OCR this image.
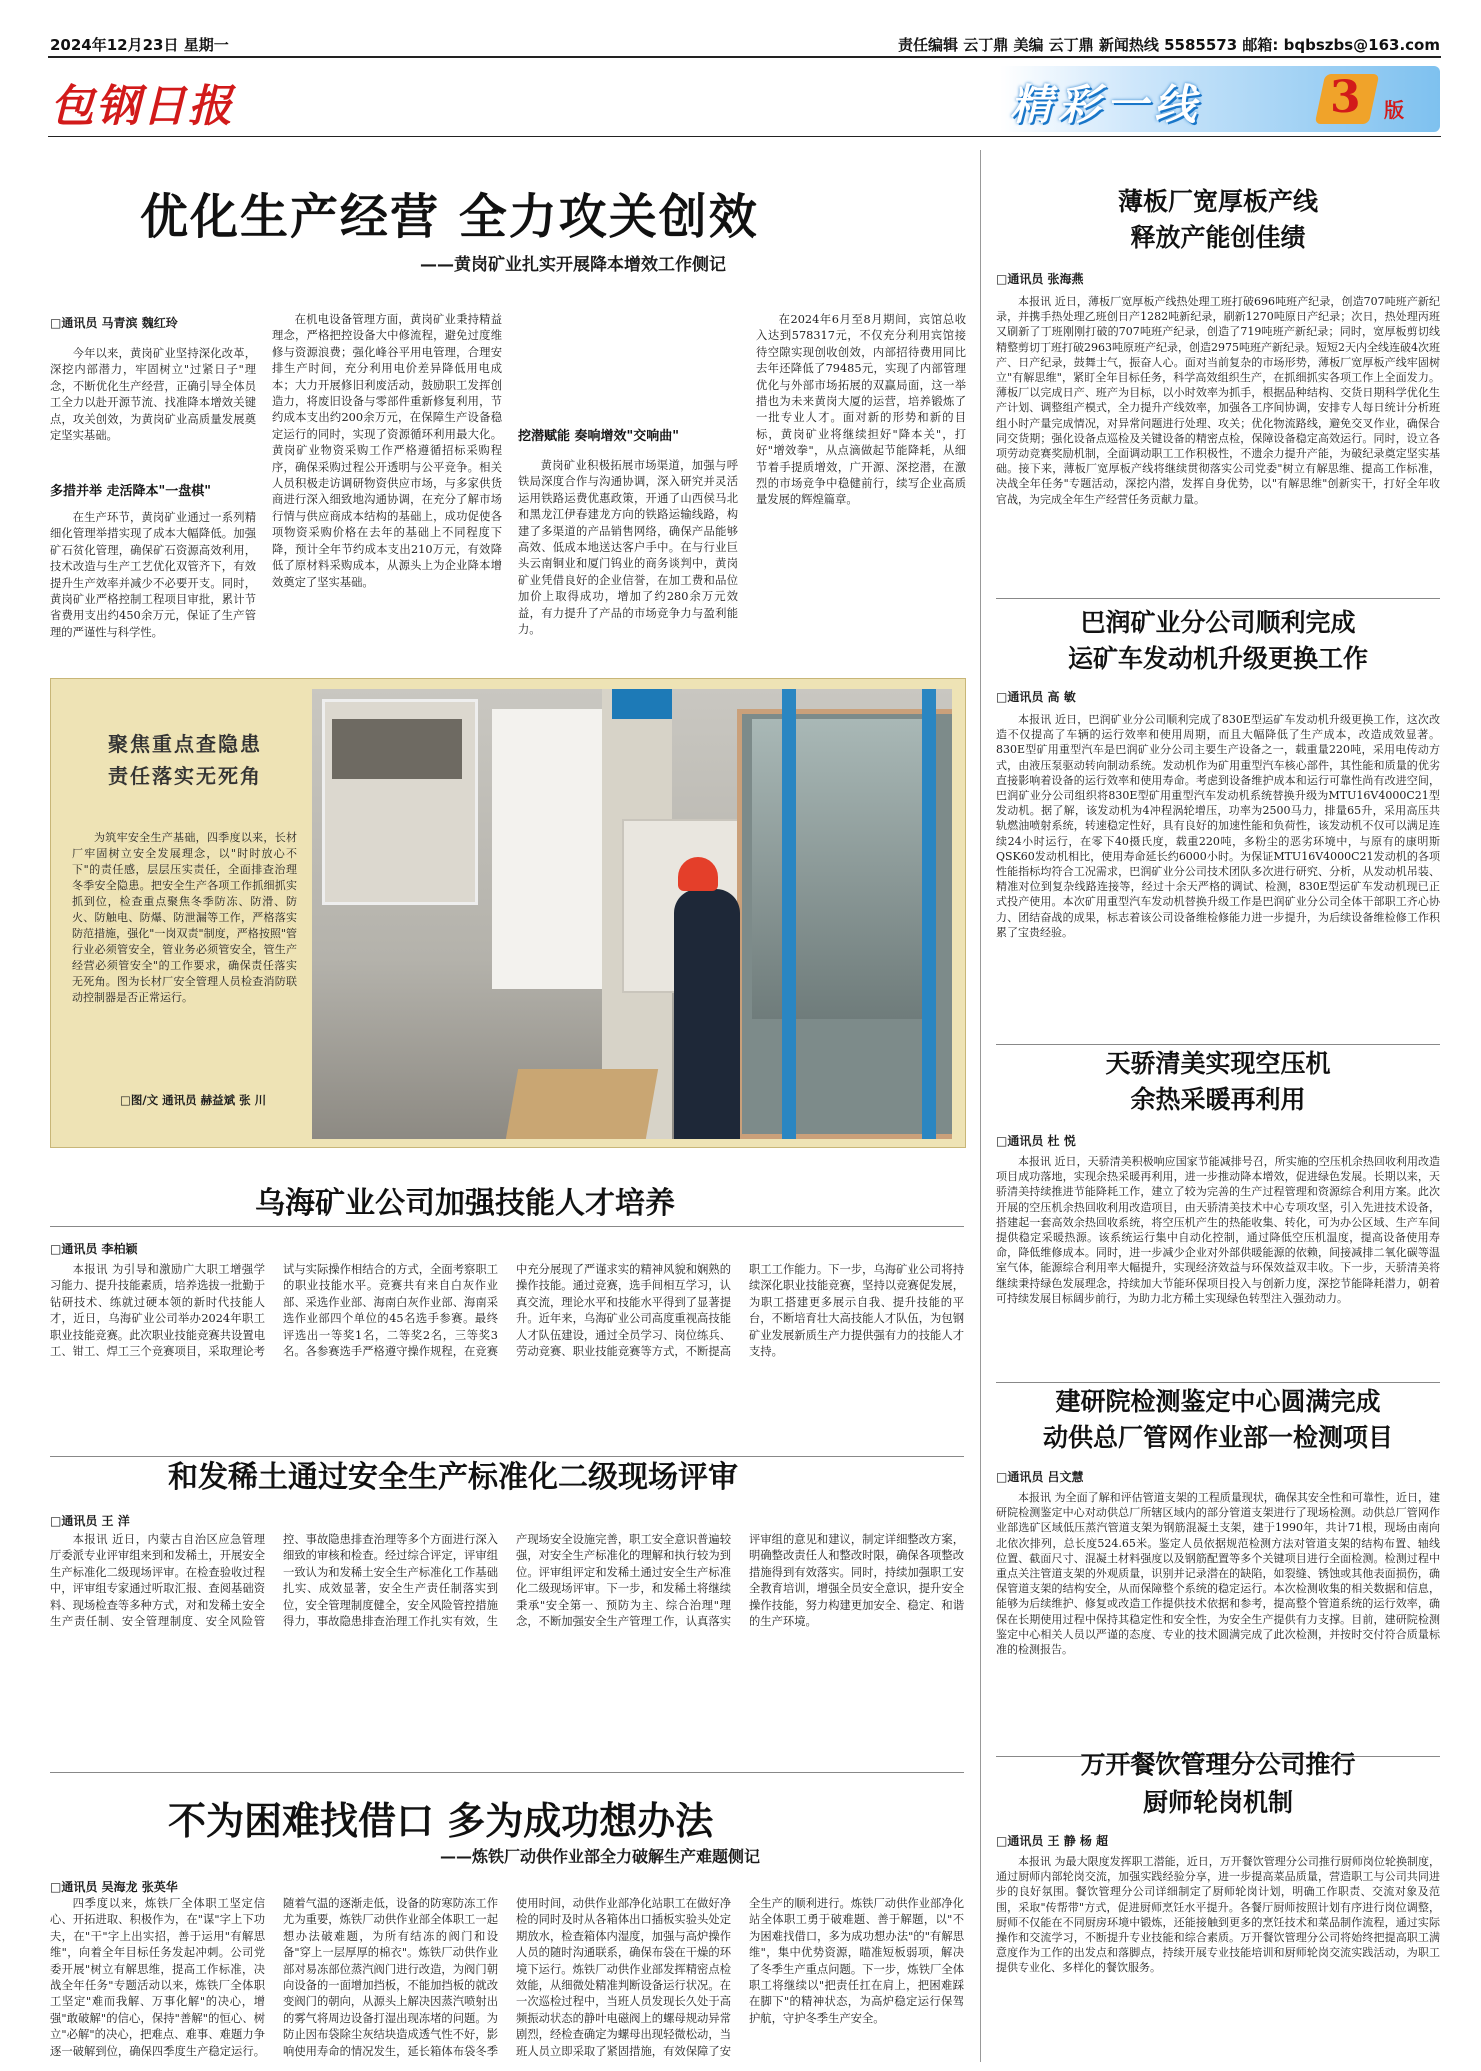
2024年12月23日 星期一	责任编辑 云丁鼎 美编 云丁鼎 新闻热线 5585573 邮箱: bqbszbs@163.com
包钢日报	精彩一线	3 版
优化生产经营 全力攻关创效
——黄岗矿业扎实开展降本增效工作侧记
□通讯员 马青滨 魏红玲

今年以来，黄岗矿业坚持深化改革，深挖内部潜力，牢固树立"过紧日子"理念，不断优化生产经营，正确引导全体员工全力以赴开源节流、找准降本增效关键点，攻关创效，为黄岗矿业高质量发展奠定坚实基础。

多措并举 走活降本"一盘棋"

在生产环节，黄岗矿业通过一系列精细化管理举措实现了成本大幅降低。加强矿石贫化管理，确保矿石资源高效利用，技术改造与生产工艺优化双管齐下，有效提升生产效率并减少不必要开支。同时，黄岗矿业严格控制工程项目审批，累计节省费用支出约450余万元，保证了生产管理的严谨性与科学性。

在机电设备管理方面，黄岗矿业秉持精益理念，严格把控设备大中修流程，避免过度维修与资源浪费；强化峰谷平用电管理，合理安排生产时间，充分利用电价差异降低用电成本；大力开展修旧利废活动，鼓励职工发挥创造力，将废旧设备与零部件重新修复利用，节约成本支出约200余万元，在保障生产设备稳定运行的同时，实现了资源循环利用最大化。黄岗矿业物资采购工作严格遵循招标采购程序，确保采购过程公开透明与公平竞争。相关人员积极走访调研物资供应市场，与多家供货商进行深入细致地沟通协调，在充分了解市场行情与供应商成本结构的基础上，成功促使各项物资采购价格在去年的基础上不同程度下降，预计全年节约成本支出210万元，有效降低了原材料采购成本，从源头上为企业降本增效奠定了坚实基础。

挖潜赋能 奏响增效"交响曲"

黄岗矿业积极拓展市场渠道，加强与呼铁局深度合作与沟通协调，深入研究并灵活运用铁路运费优惠政策，开通了山西侯马北和黑龙江伊春建龙方向的铁路运输线路，构建了多渠道的产品销售网络，确保产品能够高效、低成本地送达客户手中。在与行业巨头云南铜业和厦门钨业的商务谈判中，黄岗矿业凭借良好的企业信誉，在加工费和品位加价上取得成功，增加了约280余万元效益，有力提升了产品的市场竞争力与盈利能力。

在2024年6月至8月期间，宾馆总收入达到578317元，不仅充分利用宾馆接待空隙实现创收创效，内部招待费用同比去年还降低了79485元，实现了内部管理优化与外部市场拓展的双赢局面，这一举措也为未来黄岗大厦的运营，培养锻炼了一批专业人才。面对新的形势和新的目标，黄岗矿业将继续担好"降本关"，打好"增效拳"，从点滴做起节能降耗，从细节着手提质增效，广开源、深挖潜，在激烈的市场竞争中稳健前行，续写企业高质量发展的辉煌篇章。

聚焦重点查隐患
责任落实无死角

为筑牢安全生产基础，四季度以来，长材厂牢固树立安全发展理念，以"时时放心不下"的责任感，层层压实责任，全面排查治理冬季安全隐患。把安全生产各项工作抓细抓实抓到位，检查重点聚焦冬季防冻、防滑、防火、防触电、防爆、防泄漏等工作，严格落实防范措施，强化"一岗双责"制度，严格按照"管行业必须管安全，管业务必须管安全，管生产经营必须管安全"的工作要求，确保责任落实无死角。图为长材厂安全管理人员检查消防联动控制器是否正常运行。

□图/文 通讯员 赫益斌 张 川
乌海矿业公司加强技能人才培养
□通讯员 李柏颖

本报讯 为引导和激励广大职工增强学习能力、提升技能素质，培养选拔一批勤于钻研技术、练就过硬本领的新时代技能人才，近日，乌海矿业公司举办2024年职工职业技能竞赛。此次职业技能竞赛共设置电工、钳工、焊工三个竞赛项目，采取理论考试与实际操作相结合的方式，全面考察职工的职业技能水平。竞赛共有来自白灰作业部、采选作业部、海南白灰作业部、海南采选作业部四个单位的45名选手参赛。最终评选出一等奖1名，二等奖2名，三等奖3名。各参赛选手严格遵守操作规程，在竞赛中充分展现了严谨求实的精神风貌和娴熟的操作技能。通过竞赛，选手间相互学习，认真交流，理论水平和技能水平得到了显著提升。近年来，乌海矿业公司高度重视高技能人才队伍建设，通过全员学习、岗位练兵、劳动竞赛、职业技能竞赛等方式，不断提高职工工作能力。下一步，乌海矿业公司将持续深化职业技能竞赛，坚持以竞赛促发展，为职工搭建更多展示自我、提升技能的平台，不断培育壮大高技能人才队伍，为包钢矿业发展新质生产力提供强有力的技能人才支持。

和发稀土通过安全生产标准化二级现场评审
□通讯员 王 洋

本报讯 近日，内蒙古自治区应急管理厅委派专业评审组来到和发稀土，开展安全生产标准化二级现场评审。在检查验收过程中，评审组专家通过听取汇报、查阅基础资料、现场检查等多种方式，对和发稀土安全生产责任制、安全管理制度、安全风险管控、事故隐患排查治理等多个方面进行深入细致的审核和检查。经过综合评定，评审组一致认为和发稀土安全生产标准化工作基础扎实、成效显著，安全生产责任制落实到位，安全管理制度健全，安全风险管控措施得力，事故隐患排查治理工作扎实有效，生产现场安全设施完善，职工安全意识普遍较强，对安全生产标准化的理解和执行较为到位。评审组评定和发稀土通过安全生产标准化二级现场评审。下一步，和发稀土将继续秉承"安全第一、预防为主、综合治理"理念，不断加强安全生产管理工作，认真落实评审组的意见和建议，制定详细整改方案，明确整改责任人和整改时限，确保各项整改措施得到有效落实。同时，持续加强职工安全教育培训，增强全员安全意识，提升安全操作技能，努力构建更加安全、稳定、和谐的生产环境。

不为困难找借口 多为成功想办法
——炼铁厂动供作业部全力破解生产难题侧记
□通讯员 吴海龙 张英华

四季度以来，炼铁厂全体职工坚定信心、开拓进取、积极作为，在"谋"字上下功夫，在"干"字上出实招，善于运用"有解思维"，向着全年目标任务发起冲刺。公司党委开展"树立有解思维，提高工作标准，决战全年任务"专题活动以来，炼铁厂全体职工坚定"难而我解、万事化解"的决心，增强"敢破解"的信心，保持"善解"的恒心、树立"必解"的决心，把难点、难事、难题力争逐一破解到位，确保四季度生产稳定运行。随着气温的逐渐走低，设备的防寒防冻工作尤为重要，炼铁厂动供作业部全体职工一起想办法破难题，为所有结冻的阀门和设备"穿上一层厚厚的棉衣"。炼铁厂动供作业部对易冻部位蒸汽阀门进行改造，为阀门朝向设备的一面增加挡板，不能加挡板的就改变阀门的朝向，从源头上解决因蒸汽喷射出的雾气将周边设备打湿出现冻堵的问题。为防止因布袋除尘灰结块造成透气性不好，影响使用寿命的情况发生，延长箱体布袋冬季使用时间，动供作业部净化站职工在做好净检的同时及时从各箱体出口插板实验头处定期放水，检查箱体内湿度，加强与高炉操作人员的随时沟通联系，确保布袋在干燥的环境下运行。炼铁厂动供作业部发挥精密点检效能，从细微处精准判断设备运行状况。在一次巡检过程中，当班人员发现长久处于高频振动状态的静叶电磁阀上的螺母规动异常剧烈，经检查确定为螺母出现轻微松动，当班人员立即采取了紧固措施，有效保障了安全生产的顺利进行。炼铁厂动供作业部净化站全体职工勇于破难题、善于解题，以"不为困难找借口，多为成功想办法"的"有解思维"，集中优势资源，瞄准短板弱项，解决了冬季生产重点问题。下一步，炼铁厂全体职工将继续以"把责任扛在肩上，把困难踩在脚下"的精神状态，为高炉稳定运行保驾护航，守护冬季生产安全。

薄板厂宽厚板产线
释放产能创佳绩
□通讯员 张海燕

本报讯 近日，薄板厂宽厚板产线热处理工班打破696吨班产纪录，创造707吨班产新纪录，并携手热处理乙班创日产1282吨新纪录，刷新1270吨原日产纪录；次日，热处理丙班又刷新了丁班刚刚打破的707吨班产纪录，创造了719吨班产新纪录；同时，宽厚板剪切线精整剪切丁班打破2963吨原班产纪录，创造2975吨班产新纪录。短短2天内全线连破4次班产、日产纪录，鼓舞士气，振奋人心。面对当前复杂的市场形势，薄板厂宽厚板产线牢固树立"有解思维"，紧盯全年目标任务，科学高效组织生产，在抓细抓实各项工作上全面发力。薄板厂以完成日产、班产为目标，以小时效率为抓手，根据品种结构、交货日期科学优化生产计划、调整组产模式，全力提升产线效率，加强各工序间协调，安排专人每日统计分析班组小时产量完成情况，对异常问题进行处理、攻关；优化物流路线，避免交叉作业，确保合同交货期；强化设备点巡检及关键设备的精密点检，保障设备稳定高效运行。同时，设立各项劳动竞赛奖励机制，全面调动职工工作积极性，不遗余力提升产能，为破纪录奠定坚实基础。接下来，薄板厂宽厚板产线将继续贯彻落实公司党委"树立有解思维、提高工作标准，决战全年任务"专题活动，深挖内潜，发挥自身优势，以"有解思维"创新实干，打好全年收官战，为完成全年生产经营任务贡献力量。

巴润矿业分公司顺利完成
运矿车发动机升级更换工作
□通讯员 高 敏

本报讯 近日，巴润矿业分公司顺利完成了830E型运矿车发动机升级更换工作，这次改造不仅提高了车辆的运行效率和使用周期，而且大幅降低了生产成本，改造成效显著。830E型矿用重型汽车是巴润矿业分公司主要生产设备之一，载重量220吨，采用电传动方式，由液压泵驱动转向制动系统。发动机作为矿用重型汽车核心部件，其性能和质量的优劣直接影响着设备的运行效率和使用寿命。考虑到设备维护成本和运行可靠性尚有改进空间，巴润矿业分公司组织将830E型矿用重型汽车发动机系统替换升级为MTU16V4000C21型发动机。据了解，该发动机为4冲程涡轮增压，功率为2500马力，排量65升，采用高压共轨燃油喷射系统，转速稳定性好，具有良好的加速性能和负荷性，该发动机不仅可以满足连续24小时运行，在零下40摄氏度，载重220吨，多粉尘的恶劣环境中，与原有的康明斯QSK60发动机相比，使用寿命延长约6000小时。为保证MTU16V4000C21发动机的各项性能指标均符合工况需求，巴润矿业分公司技术团队多次进行研究、分析，从发动机吊装、精准对位到复杂线路连接等，经过十余天严格的调试、检测，830E型运矿车发动机现已正式投产使用。本次矿用重型汽车发动机替换升级工作是巴润矿业分公司全体干部职工齐心协力、团结奋战的成果，标志着该公司设备维检修能力进一步提升，为后续设备维检修工作积累了宝贵经验。

天骄清美实现空压机
余热采暖再利用
□通讯员 杜 悦

本报讯 近日，天骄清美积极响应国家节能减排号召，所实施的空压机余热回收利用改造项目成功落地，实现余热采暖再利用，进一步推动降本增效，促进绿色发展。长期以来，天骄清美持续推进节能降耗工作，建立了较为完善的生产过程管理和资源综合利用方案。此次开展的空压机余热回收利用改造项目，由天骄清美技术中心专项攻坚，引入先进技术设备，搭建起一套高效余热回收系统，将空压机产生的热能收集、转化，可为办公区域、生产车间提供稳定采暖热源。该系统运行集中自动化控制，通过降低空压机温度，提高设备使用寿命，降低维修成本。同时，进一步减少企业对外部供暖能源的依赖，间接减排二氧化碳等温室气体，能源综合利用率大幅提升，实现经济效益与环保效益双丰收。下一步，天骄清美将继续秉持绿色发展理念，持续加大节能环保项目投入与创新力度，深挖节能降耗潜力，朝着可持续发展目标阔步前行，为助力北方稀土实现绿色转型注入强劲动力。

建研院检测鉴定中心圆满完成
动供总厂管网作业部一检测项目
□通讯员 吕文慧

本报讯 为全面了解和评估管道支架的工程质量现状，确保其安全性和可靠性，近日，建研院检测鉴定中心对动供总厂所辖区域内的部分管道支架进行了现场检测。动供总厂管网作业部选矿区域低压蒸汽管道支架为钢筋混凝土支架，建于1990年，共计71根，现场由南向北依次排列，总长度524.65米。鉴定人员依据规范检测方法对管道支架的结构布置、轴线位置、截面尺寸、混凝土材料强度以及钢筋配置等多个关键项目进行全面检测。检测过程中重点关注管道支架的外观质量，识别并记录潜在的缺陷，如裂缝、锈蚀或其他表面损伤，确保管道支架的结构安全，从而保障整个系统的稳定运行。本次检测收集的相关数据和信息，能够为后续维护、修复或改造工作提供技术依据和参考，提高整个管道系统的运行效率，确保在长期使用过程中保持其稳定性和安全性，为安全生产提供有力支撑。目前，建研院检测鉴定中心相关人员以严谨的态度、专业的技术圆满完成了此次检测，并按时交付符合质量标准的检测报告。

万开餐饮管理分公司推行
厨师轮岗机制
□通讯员 王 静 杨 超

本报讯 为最大限度发挥职工潜能，近日，万开餐饮管理分公司推行厨师岗位轮换制度，通过厨师内部轮岗交流，加强实践经验分享，进一步提高菜品质量，营造职工与公司共同进步的良好氛围。餐饮管理分公司详细制定了厨师轮岗计划，明确工作职责、交流对象及范围，采取"传帮带"方式，促进厨师烹饪水平提升。各餐厅厨师按照计划有序进行岗位调整，厨师不仅能在不同厨房环境中锻炼，还能接触到更多的烹饪技术和菜品制作流程，通过实际操作和交流学习，不断提升专业技能和综合素质。万开餐饮管理分公司将始终把提高职工满意度作为工作的出发点和落脚点，持续开展专业技能培训和厨师轮岗交流实践活动，为职工提供专业化、多样化的餐饮服务。
